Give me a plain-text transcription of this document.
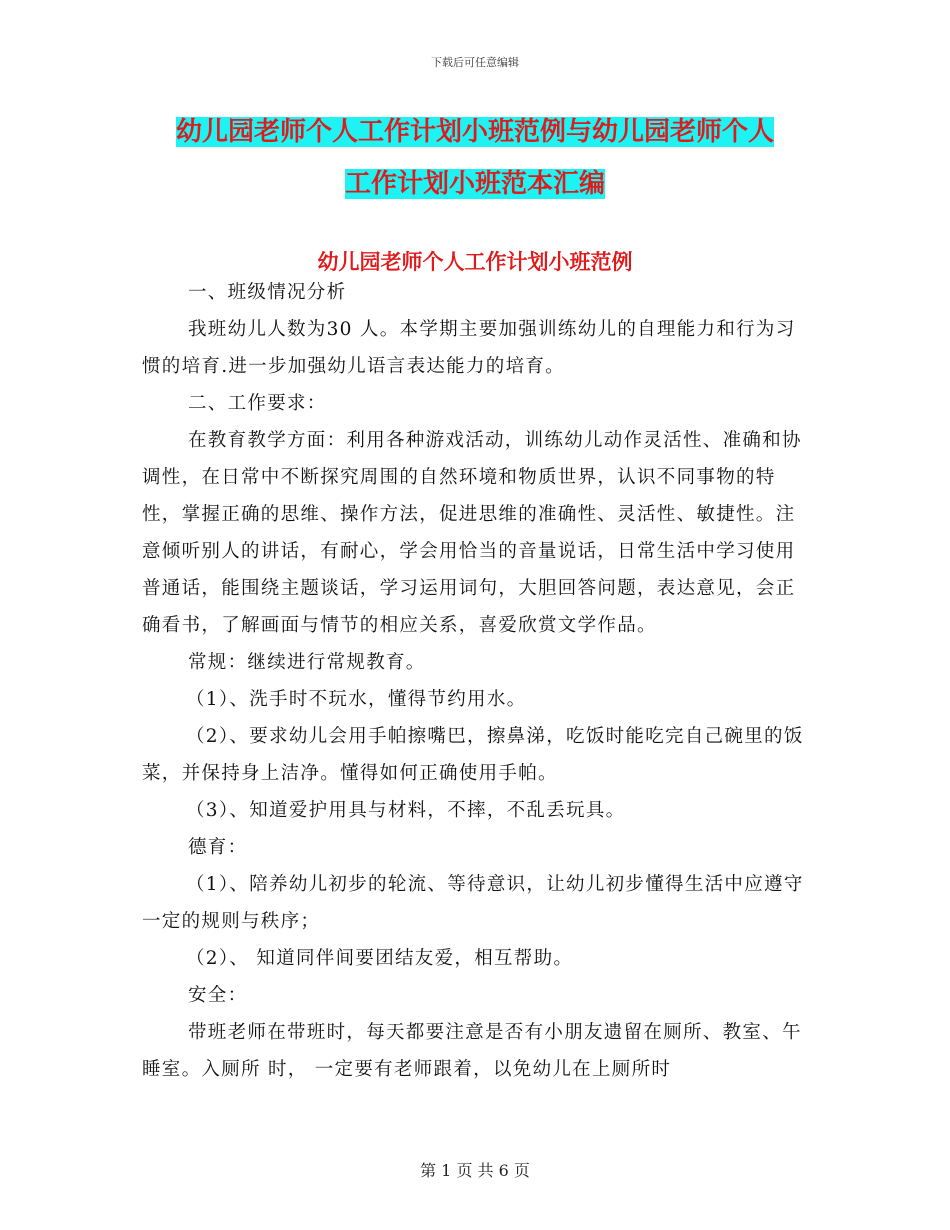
下载后可任意编辑
幼儿园老师个人工作计划小班范例与幼儿园老师个人
工作计划小班范本汇编
幼儿园老师个人工作计划小班范例

一、班级情况分析

我班幼儿人数为30 人。本学期主要加强训练幼儿的自理能力和行为习惯的培育.进一步加强幼儿语言表达能力的培育。

二、工作要求：

在教育教学方面：利用各种游戏活动，训练幼儿动作灵活性、准确和协调性，在日常中不断探究周围的自然环境和物质世界，认识不同事物的特性，掌握正确的思维、操作方法，促进思维的准确性、灵活性、敏捷性。注意倾听别人的讲话，有耐心，学会用恰当的音量说话，日常生活中学习使用普通话，能围绕主题谈话，学习运用词句，大胆回答问题，表达意见，会正确看书，了解画面与情节的相应关系，喜爱欣赏文学作品。

常规：继续进行常规教育。

（1）、洗手时不玩水，懂得节约用水。

（2）、要求幼儿会用手帕擦嘴巴，擦鼻涕，吃饭时能吃完自己碗里的饭菜，并保持身上洁净。懂得如何正确使用手帕。

（3）、知道爱护用具与材料，不摔，不乱丢玩具。

德育：

（1）、陪养幼儿初步的轮流、等待意识，让幼儿初步懂得生活中应遵守一定的规则与秩序；

（2）、 知道同伴间要团结友爱，相互帮助。

安全：

带班老师在带班时，每天都要注意是否有小朋友遗留在厕所、教室、午睡室。入厕所 时， 一定要有老师跟着，以免幼儿在上厕所时

第 1 页 共 6 页
